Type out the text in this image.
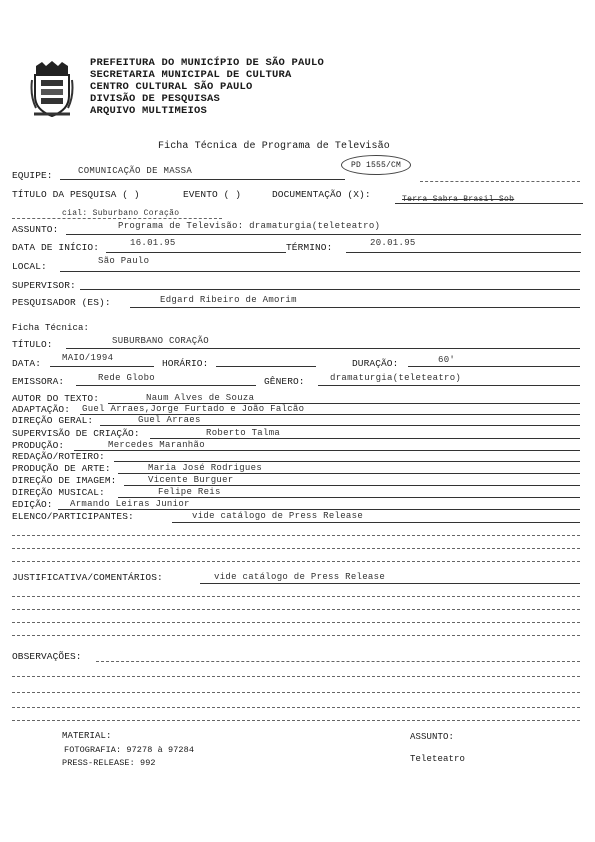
PREFEITURA DO MUNICÍPIO DE SÃO PAULO
SECRETARIA MUNICIPAL DE CULTURA
CENTRO CULTURAL SÃO PAULO
DIVISÃO DE PESQUISAS
ARQUIVO MULTIMEIOS
Ficha Técnica de Programa de Televisão
PD 1555/CM
EQUIPE:	COMUNICAÇÃO DE MASSA
TÍTULO DA PESQUISA ( )	EVENTO ( )	DOCUMENTAÇÃO (X):	Terra Sabra Brasil Sob
cial: Suburbano Coração
ASSUNTO:	Programa de Televisão: dramaturgia(teleteatro)
DATA DE INÍCIO:	16.01.95	TÉRMINO:	20.01.95
LOCAL:	São Paulo
SUPERVISOR:
PESQUISADOR (ES):	Edgard Ribeiro de Amorim
Ficha Técnica:
TÍTULO:	SUBURBANO CORAÇÃO
DATA: MAIO/1994	HORÁRIO:	DURAÇÃO:	60'
EMISSORA:	Rede Globo	GÊNERO:	dramaturgia(teleteatro)
AUTOR DO TEXTO:	Naum Alves de Souza
ADAPTAÇÃO: Guel Arraes,Jorge Furtado e João Falcão
DIREÇÃO GERAL:	Guel Arraes
SUPERVISÃO DE CRIAÇÃO:	Roberto Talma
PRODUÇÃO:	Mercedes Maranhão
REDAÇÃO/ROTEIRO:
PRODUÇÃO DE ARTE:	Maria José Rodrigues
DIREÇÃO DE IMAGEM:	Vicente Burguer
DIREÇÃO MUSICAL:	Felipe Reis
EDIÇÃO: Armando Leiras Junior
ELENCO/PARTICIPANTES:	vide catálogo de Press Release
JUSTIFICATIVA/COMENTÁRIOS:	vide catálogo de Press Release
OBSERVAÇÕES:
MATERIAL:
FOTOGRAFIA: 97278 à 97284
PRESS-RELEASE: 992
ASSUNTO:
Teleteatro
